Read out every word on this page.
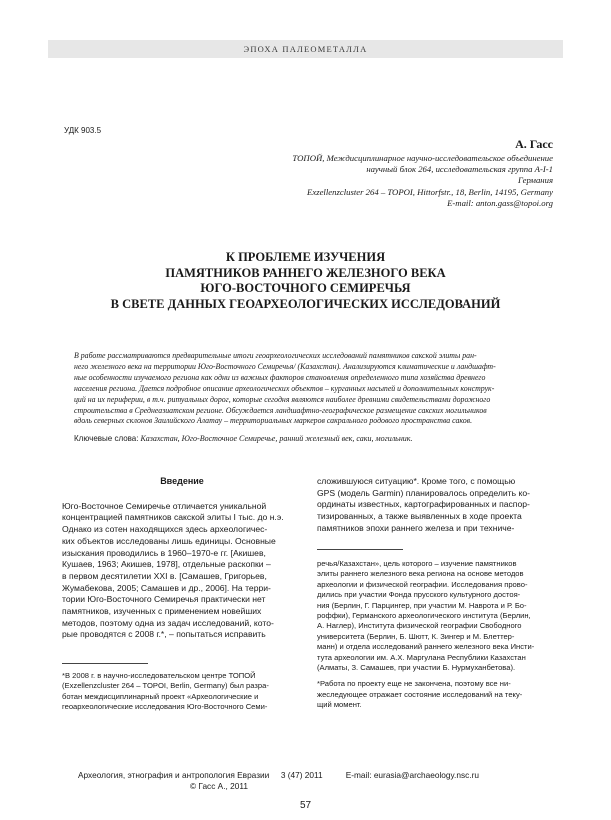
ЭПОХА ПАЛЕОМЕТАЛЛА
УДК 903.5
А. Гасс
ТОПОЙ, Междисциплинарное научно-исследовательское объединение
научный блок 264, исследовательская группа A-I-1
Германия
Exzellenzcluster 264 – TOPOI, Hittorfstr., 18, Berlin, 14195, Germany
E-mail: anton.gass@topoi.org
К ПРОБЛЕМЕ ИЗУЧЕНИЯ
ПАМЯТНИКОВ РАННЕГО ЖЕЛЕЗНОГО ВЕКА
ЮГО-ВОСТОЧНОГО СЕМИРЕЧЬЯ
В СВЕТЕ ДАННЫХ ГЕОАРХЕОЛОГИЧЕСКИХ ИССЛЕДОВАНИЙ
В работе рассматриваются предварительные итоги геоархеологических исследований памятников сакской элиты ран-
него железного века на территории Юго-Восточного Семиречья/ (Казахстан). Анализируются климатические и ландшафт-
ные особенности изучаемого региона как одни из важных факторов становления определенного типа хозяйства древнего
населения региона. Дается подробное описание археологических объектов – курганных насыпей и дополнительных конструк-
ций на их периферии, в т.ч. ритуальных дорог, которые сегодня являются наиболее древними свидетельствами дорожного
строительства в Среднеазиатском регионе. Обсуждается ландшафтно-географическое размещение сакских могильников
вдоль северных склонов Заилийского Алатау – территориальных маркеров сакрального родового пространства саков.
Ключевые слова: Казахстан, Юго-Восточное Семиречье, ранний железный век, саки, могильник.
Введение
Юго-Восточное Семиречье отличается уникальной
концентрацией памятников сакской элиты I тыс. до н.э.
Однако из сотен находящихся здесь археологичес-
ких объектов исследованы лишь единицы. Основные
изыскания проводились в 1960–1970-е гг. [Акишев,
Кушаев, 1963; Акишев, 1978], отдельные раскопки –
в первом десятилетии XXI в. [Самашев, Григорьев,
Жумабекова, 2005; Самашев и др., 2006]. На терри-
тории Юго-Восточного Семиречья практически нет
памятников, изученных с применением новейших
методов, поэтому одна из задач исследований, кото-
рые проводятся с 2008 г.*, – попытаться исправить
*В 2008 г. в научно-исследовательском центре ТОПОЙ
(Exzellenzcluster 264 – TOPOI, Berlin, Germany) был разра-
ботан междисциплинарный проект «Археологические и
геоархеологические исследования Юго-Восточного Семи-
сложившуюся ситуацию*. Кроме того, с помощью
GPS (модель Garmin) планировалось определить ко-
ординаты известных, картографированных и паспор-
тизированных, а также выявленных в ходе проекта
памятников эпохи раннего железа и при техниче-
речья/Казахстан», цель которого – изучение памятников
элиты раннего железного века региона на основе методов
археологии и физической географии. Исследования прово-
дились при участии Фонда прусского культурного достоя-
ния (Берлин, Г. Парцингер, при участии М. Наврота и Р. Бо-
роффки), Германского археологического института (Берлин,
А. Наглер), Института физической географии Свободного
университета (Берлин, Б. Шютт, К. Зингер и М. Блеттер-
манн) и отдела исследований раннего железного века Инсти-
тута археологии им. А.Х. Маргулана Республики Казахстан
(Алматы, З. Самашев, при участии Б. Нурмуханбетова).
*Работа по проекту еще не закончена, поэтому все ни-
жеследующее отражает состояние исследований на теку-
щий момент.
Археология, этнография и антропология Евразии 3 (47) 2011	E-mail: eurasia@archaeology.nsc.ru
© Гасс А., 2011
57
